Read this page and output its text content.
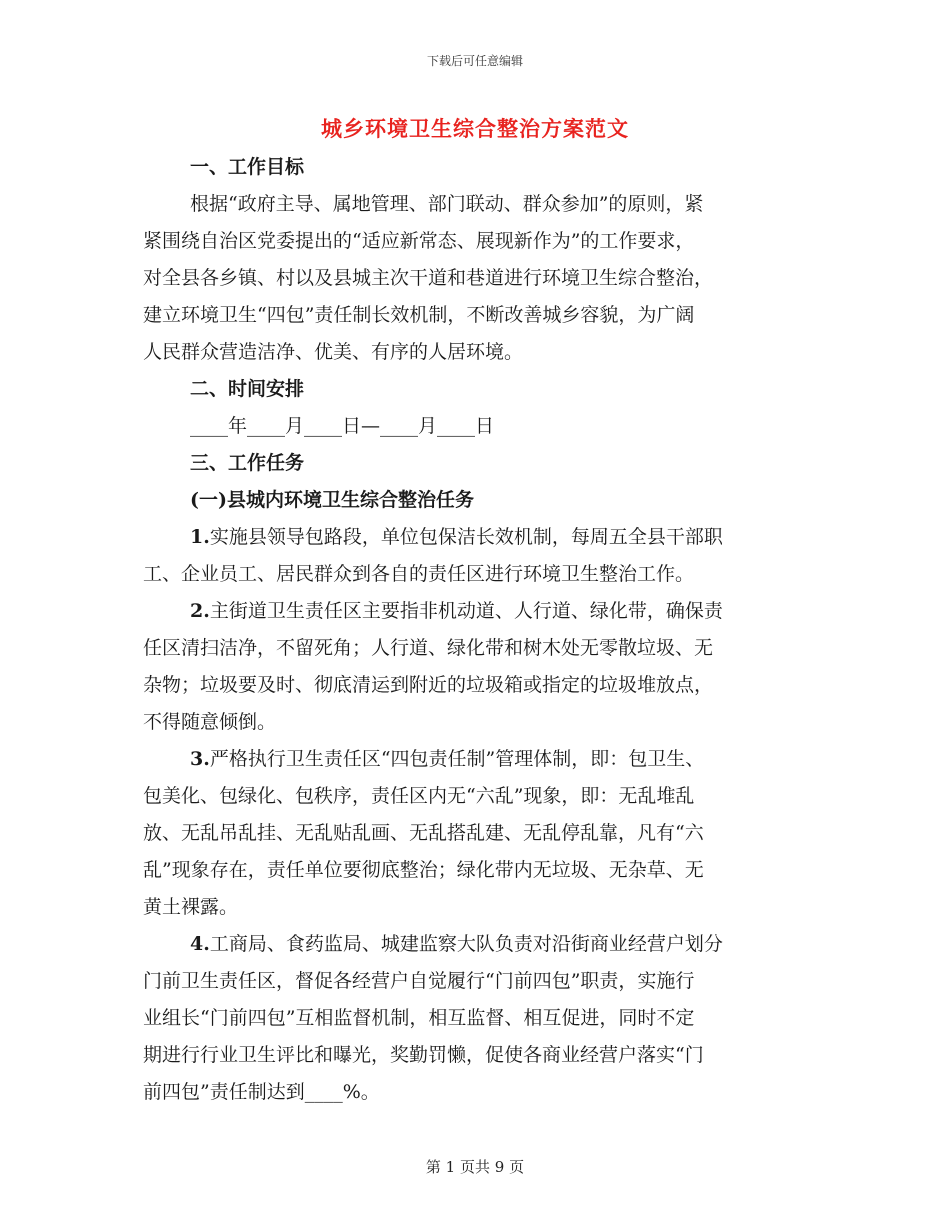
下载后可任意编辑
城乡环境卫生综合整治方案范文
一、工作目标
根据“政府主导、属地管理、部门联动、群众参加”的原则，紧
紧围绕自治区党委提出的“适应新常态、展现新作为”的工作要求，
对全县各乡镇、村以及县城主次干道和巷道进行环境卫生综合整治，
建立环境卫生“四包”责任制长效机制，不断改善城乡容貌，为广阔
人民群众营造洁净、优美、有序的人居环境。
二、时间安排
____年____月____日—____月____日
三、工作任务
(一)县城内环境卫生综合整治任务
1.实施县领导包路段，单位包保洁长效机制，每周五全县干部职
工、企业员工、居民群众到各自的责任区进行环境卫生整治工作。
2.主街道卫生责任区主要指非机动道、人行道、绿化带，确保责
任区清扫洁净，不留死角；人行道、绿化带和树木处无零散垃圾、无
杂物；垃圾要及时、彻底清运到附近的垃圾箱或指定的垃圾堆放点，
不得随意倾倒。
3.严格执行卫生责任区“四包责任制”管理体制，即：包卫生、
包美化、包绿化、包秩序，责任区内无“六乱”现象，即：无乱堆乱
放、无乱吊乱挂、无乱贴乱画、无乱搭乱建、无乱停乱靠，凡有“六
乱”现象存在，责任单位要彻底整治；绿化带内无垃圾、无杂草、无
黄土裸露。
4.工商局、食药监局、城建监察大队负责对沿街商业经营户划分
门前卫生责任区，督促各经营户自觉履行“门前四包”职责，实施行
业组长“门前四包”互相监督机制，相互监督、相互促进，同时不定
期进行行业卫生评比和曝光，奖勤罚懒，促使各商业经营户落实“门
前四包”责任制达到____%。
第 1 页共 9 页
